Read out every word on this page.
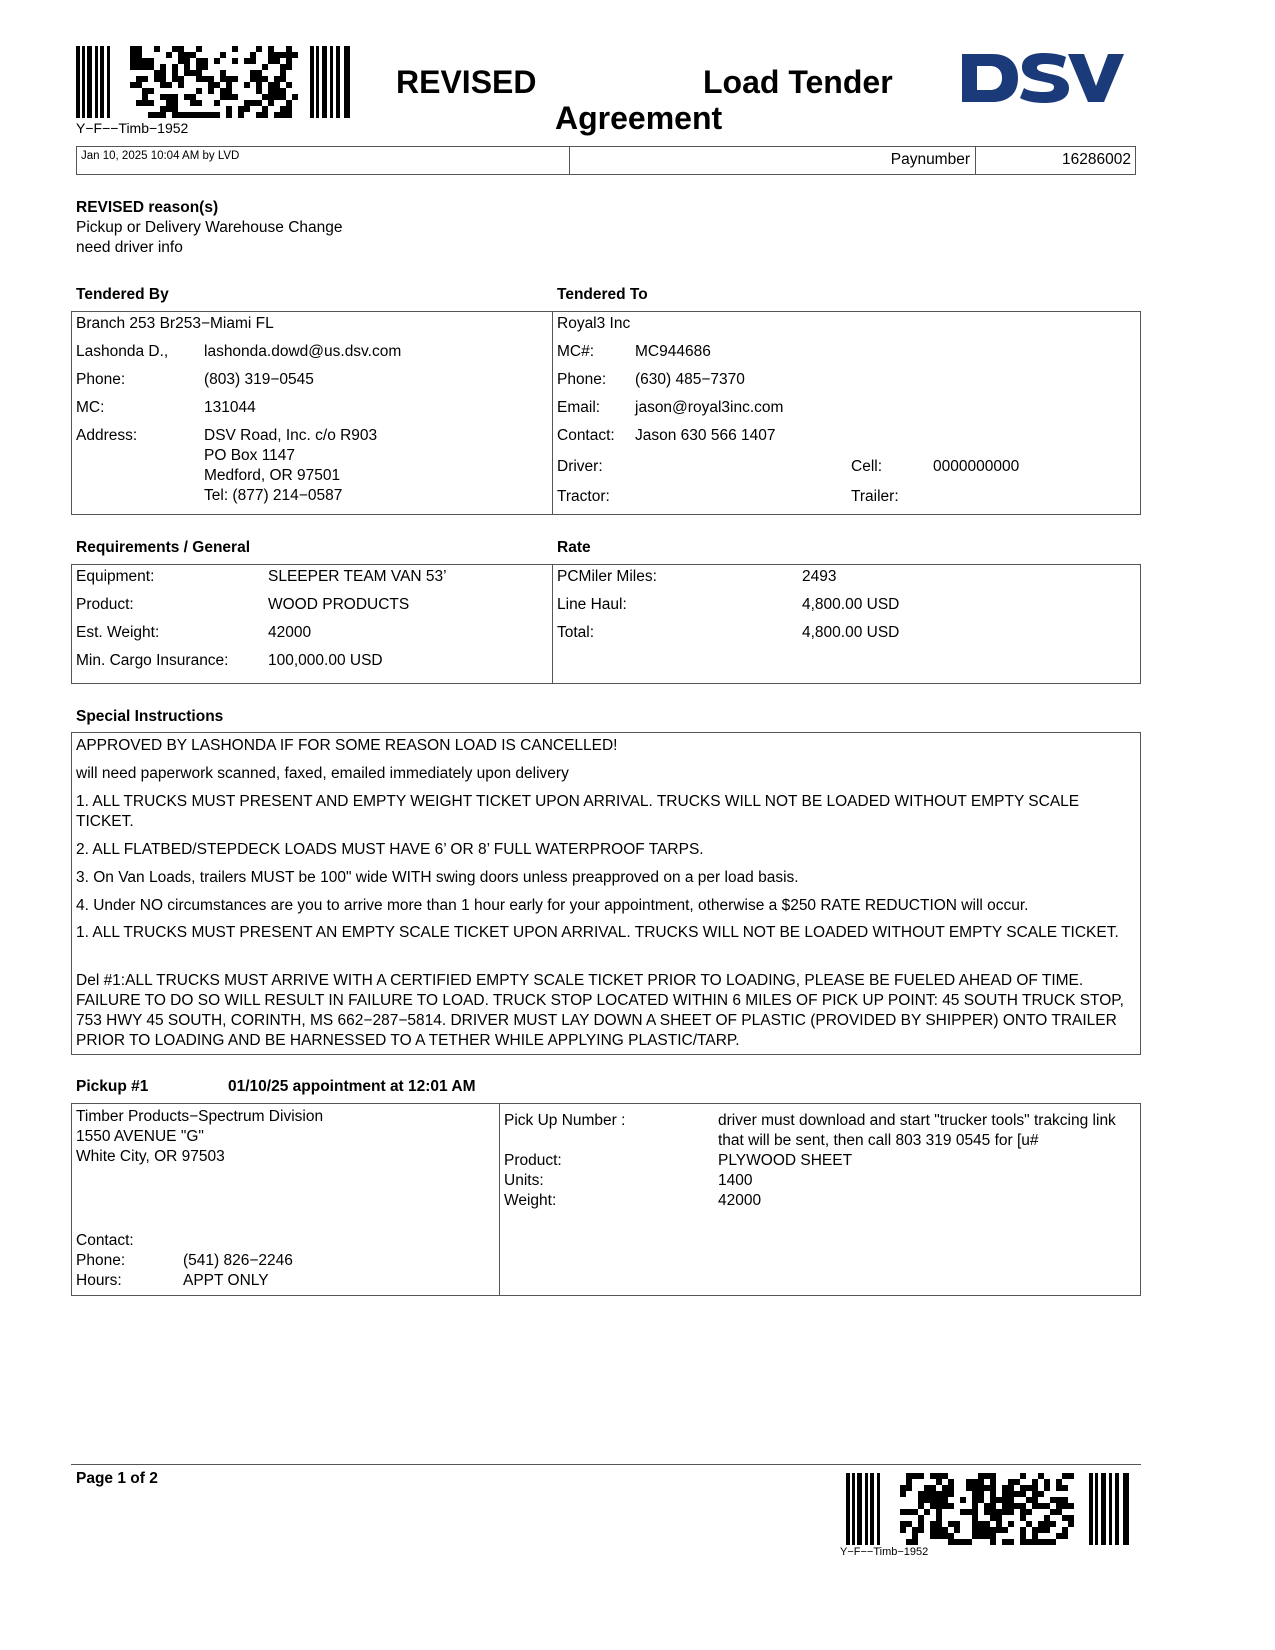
Y−F−−Timb−1952
REVISED	Load Tender
Agreement
Jan 10, 2025 10:04 AM by LVD	Paynumber	16286002
REVISED reason(s)
Pickup or Delivery Warehouse Change
need driver info
Tendered By	Tendered To
Branch 253 Br253−Miami FL
Lashonda D., lashonda.dowd@us.dsv.com
Phone:	(803) 319−0545
MC:	131044
Address:	DSV Road, Inc. c/o R903
PO Box 1147
Medford, OR 97501
Tel: (877) 214−0587
Royal3 Inc
MC#:	MC944686
Phone: (630) 485−7370
Email: jason@royal3inc.com
Contact: Jason 630 566 1407
Driver:	Cell:	0000000000
Tractor:	Trailer:
Requirements / General	Rate
Equipment:	SLEEPER TEAM VAN 53’
Product:	WOOD PRODUCTS
Est. Weight:	42000
Min. Cargo Insurance:	100,000.00 USD
PCMiler Miles:	2493
Line Haul:	4,800.00 USD
Total:	4,800.00 USD
Special Instructions
APPROVED BY LASHONDA IF FOR SOME REASON LOAD IS CANCELLED!
will need paperwork scanned, faxed, emailed immediately upon delivery
1. ALL TRUCKS MUST PRESENT AND EMPTY WEIGHT TICKET UPON ARRIVAL. TRUCKS WILL NOT BE LOADED WITHOUT EMPTY SCALE TICKET.
2. ALL FLATBED/STEPDECK LOADS MUST HAVE 6’ OR 8’ FULL WATERPROOF TARPS.
3. On Van Loads, trailers MUST be 100" wide WITH swing doors unless preapproved on a per load basis.
4. Under NO circumstances are you to arrive more than 1 hour early for your appointment, otherwise a $250 RATE REDUCTION will occur.
1. ALL TRUCKS MUST PRESENT AN EMPTY SCALE TICKET UPON ARRIVAL. TRUCKS WILL NOT BE LOADED WITHOUT EMPTY SCALE TICKET.
Del #1:ALL TRUCKS MUST ARRIVE WITH A CERTIFIED EMPTY SCALE TICKET PRIOR TO LOADING, PLEASE BE FUELED AHEAD OF TIME. FAILURE TO DO SO WILL RESULT IN FAILURE TO LOAD. TRUCK STOP LOCATED WITHIN 6 MILES OF PICK UP POINT: 45 SOUTH TRUCK STOP, 753 HWY 45 SOUTH, CORINTH, MS 662−287−5814. DRIVER MUST LAY DOWN A SHEET OF PLASTIC (PROVIDED BY SHIPPER) ONTO TRAILER PRIOR TO LOADING AND BE HARNESSED TO A TETHER WHILE APPLYING PLASTIC/TARP.
Pickup #1	01/10/25 appointment at 12:01 AM
Timber Products−Spectrum Division
1550 AVENUE "G"
White City, OR 97503
Contact:
Phone:	(541) 826−2246
Hours:	APPT ONLY
Pick Up Number :	driver must download and start "trucker tools" trakcing link that will be sent, then call 803 319 0545 for [u#
Product:	PLYWOOD SHEET
Units:	1400
Weight:	42000
Page 1 of 2
Y−F−−Timb−1952
